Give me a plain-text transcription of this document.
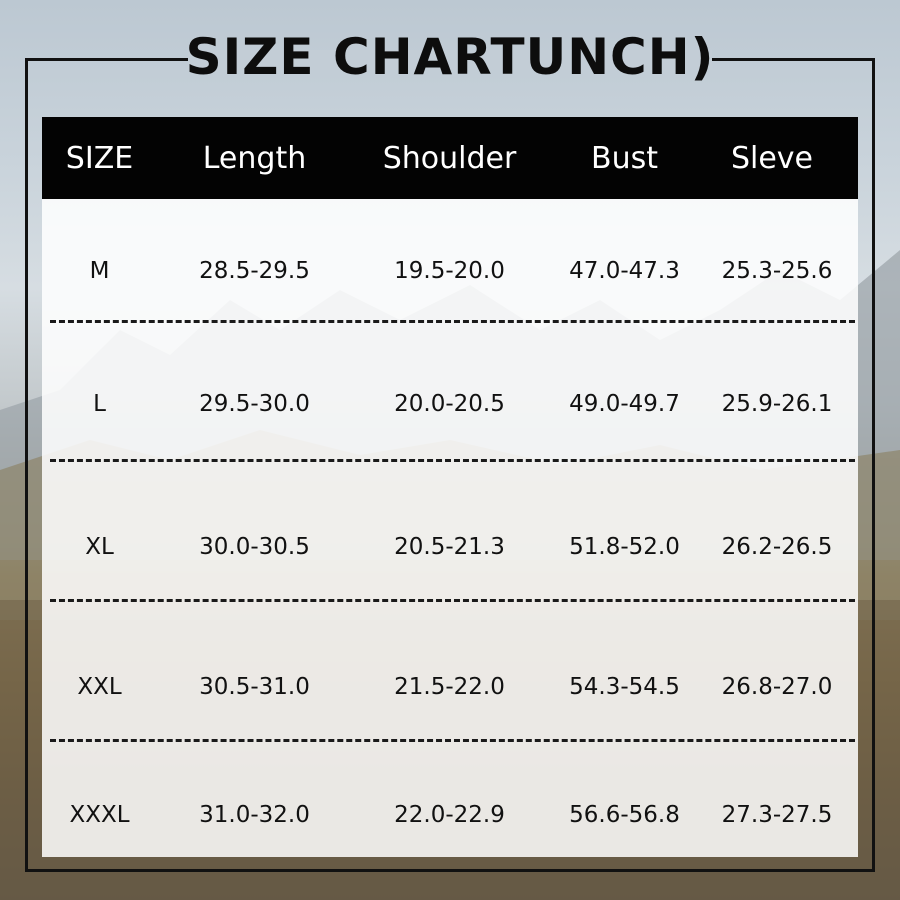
SIZE CHARTUNCH)
SIZE	Length	Shoulder	Bust	Sleve
M	28.5-29.5	19.5-20.0	47.0-47.3	25.3-25.6
L	29.5-30.0	20.0-20.5	49.0-49.7	25.9-26.1
XL	30.0-30.5	20.5-21.3	51.8-52.0	26.2-26.5
XXL	30.5-31.0	21.5-22.0	54.3-54.5	26.8-27.0
XXXL	31.0-32.0	22.0-22.9	56.6-56.8	27.3-27.5
